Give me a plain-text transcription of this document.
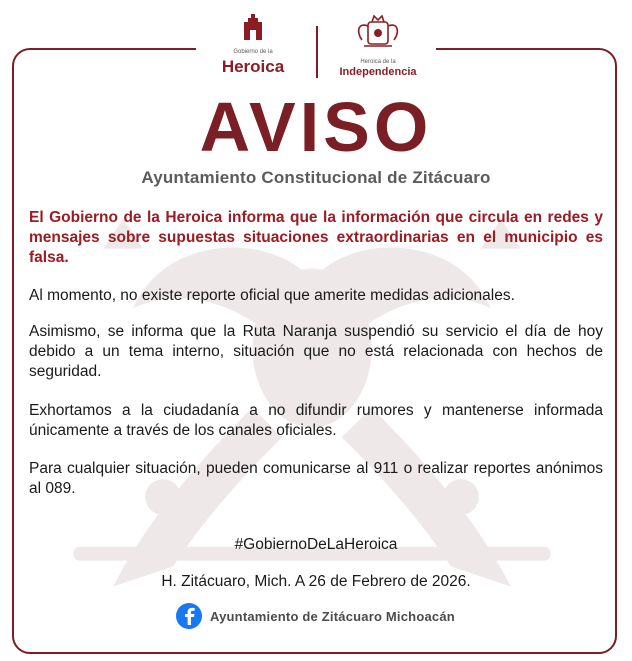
Gobierno de la
Heroica	Heroica de la
Independencia
AVISO
Ayuntamiento Constitucional de Zitácuaro
El Gobierno de la Heroica informa que la información que circula en redes y mensajes sobre supuestas situaciones extraordinarias en el municipio es falsa.
Al momento, no existe reporte oficial que amerite medidas adicionales.
Asimismo, se informa que la Ruta Naranja suspendió su servicio el día de hoy debido a un tema interno, situación que no está relacionada con hechos de seguridad.
Exhortamos a la ciudadanía a no difundir rumores y mantenerse informada únicamente a través de los canales oficiales.
Para cualquier situación, pueden comunicarse al 911 o realizar reportes anónimos al 089.
#GobiernoDeLaHeroica
H. Zitácuaro, Mich. A 26 de Febrero de 2026.
Ayuntamiento de Zitácuaro Michoacán
